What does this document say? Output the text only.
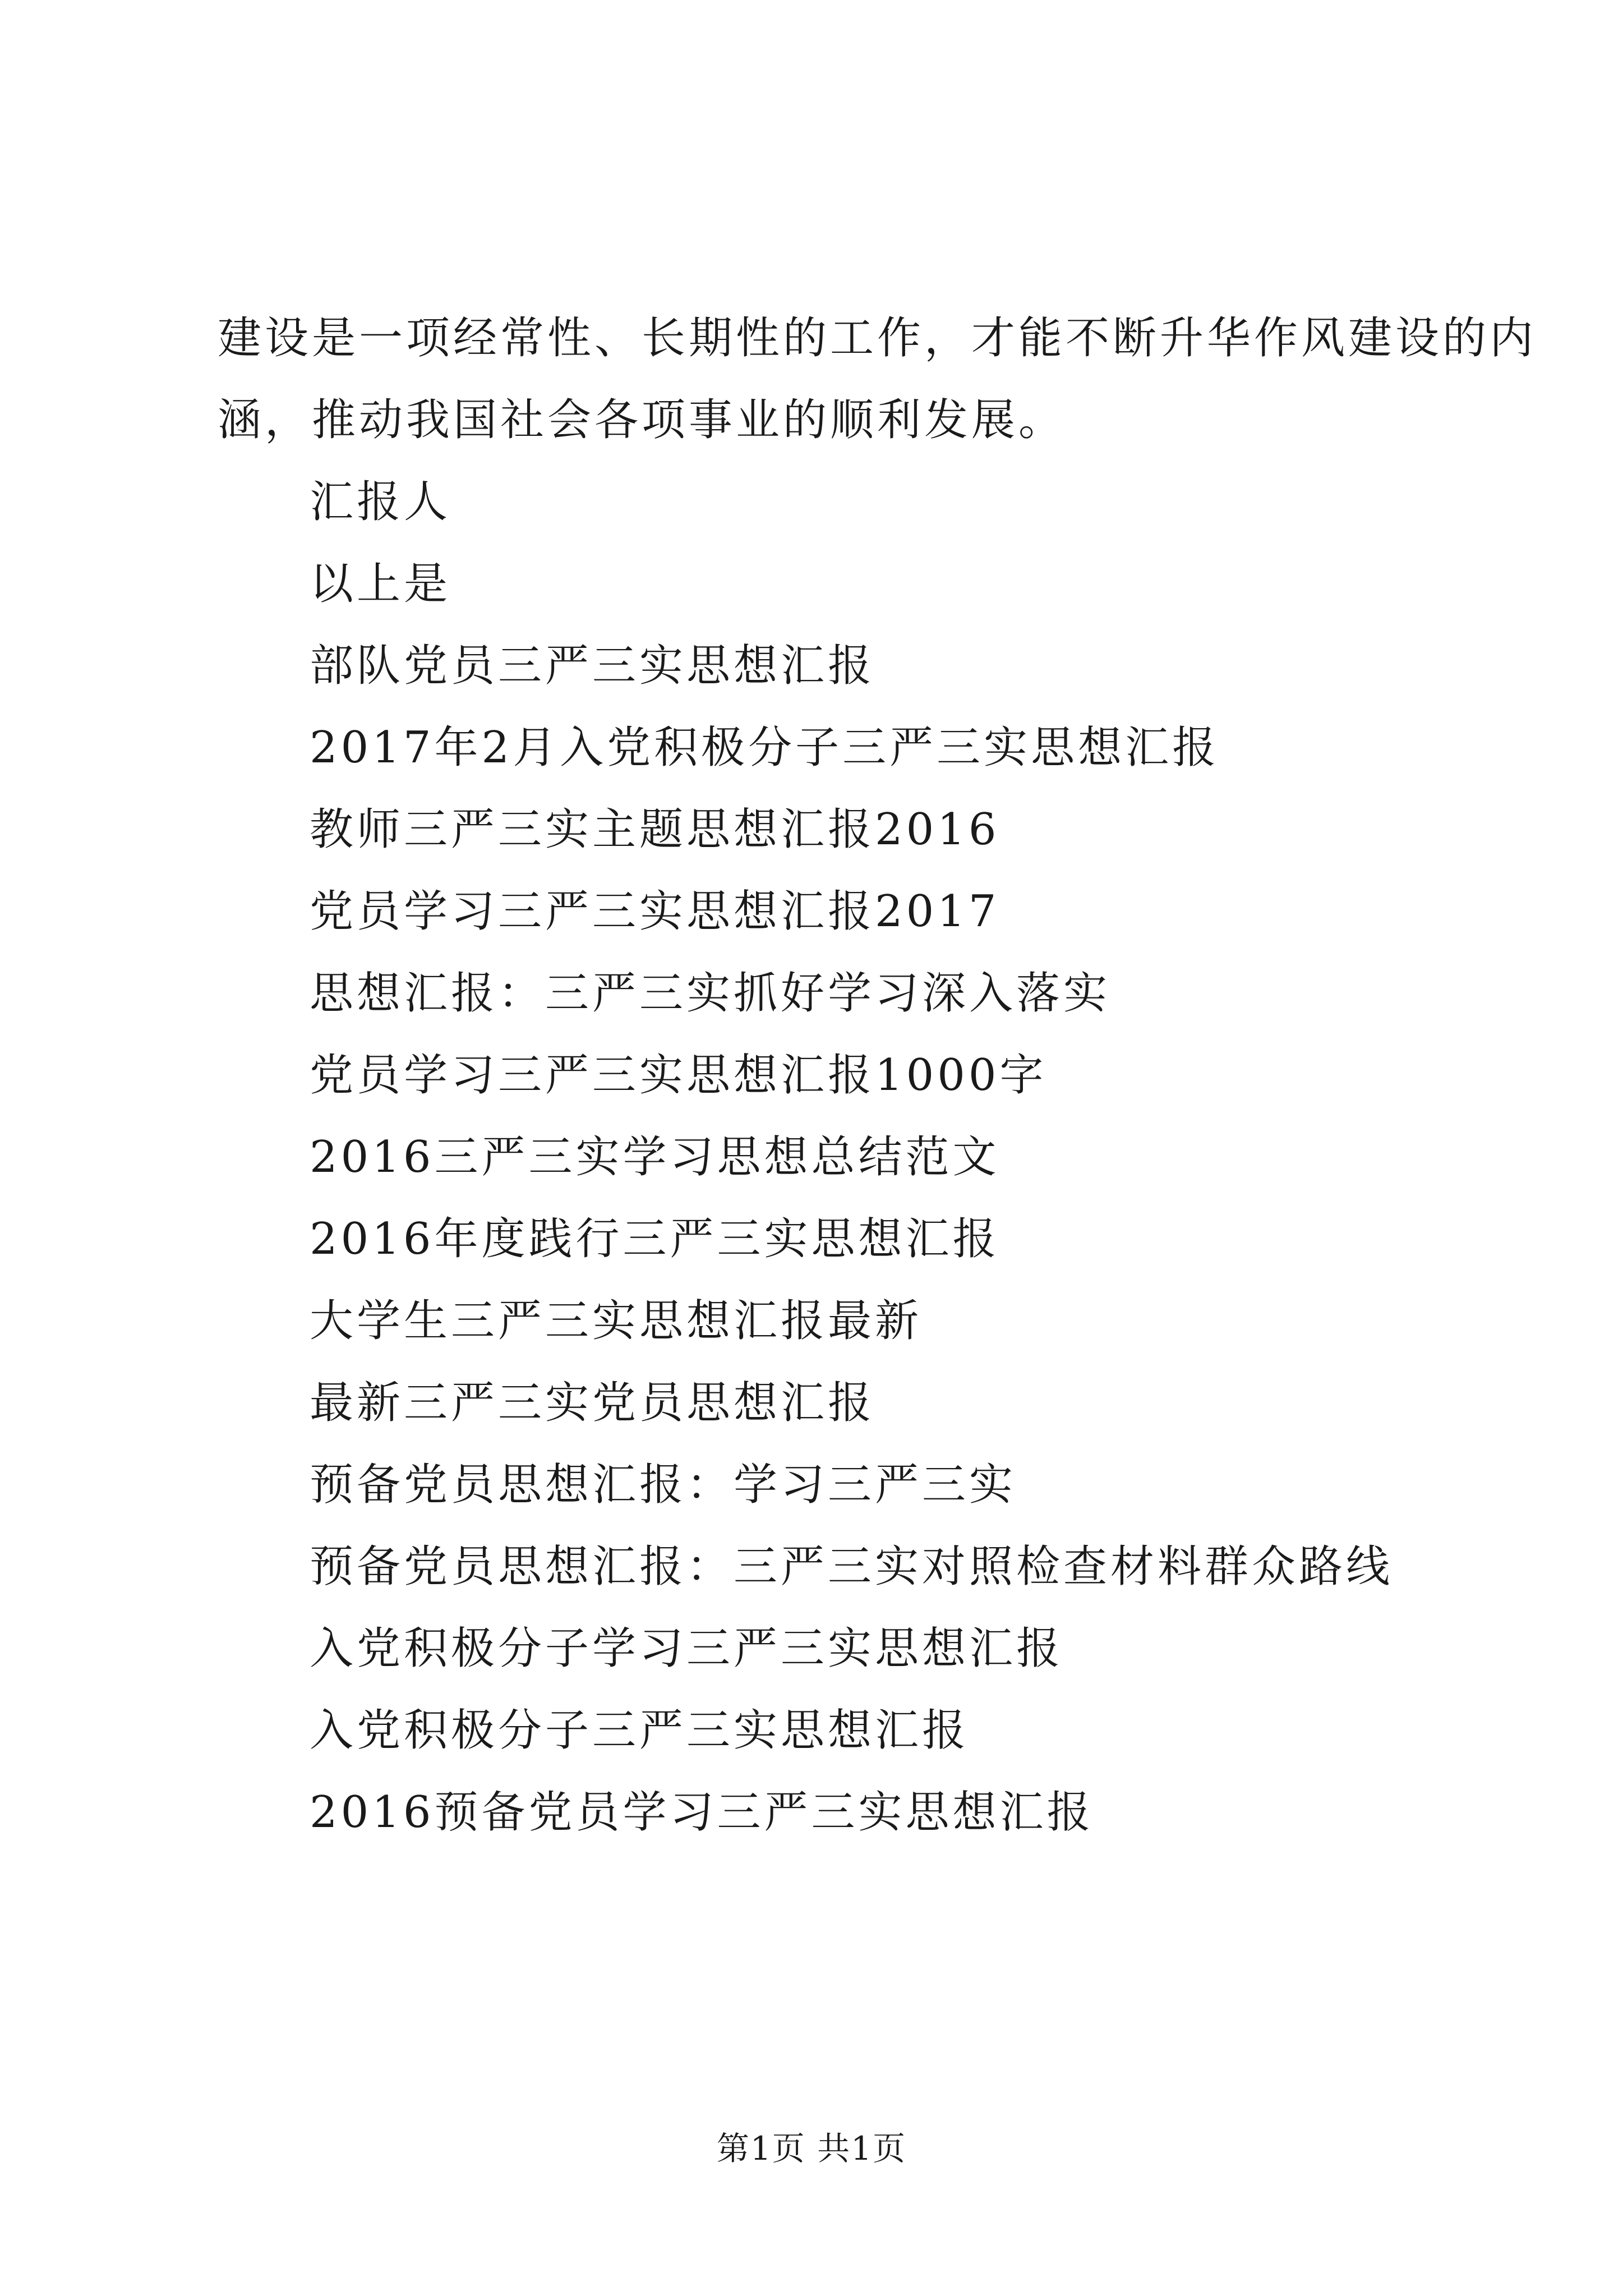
建设是一项经常性、长期性的工作，才能不断升华作风建设的内

涵，推动我国社会各项事业的顺利发展。

汇报人
以上是
部队党员三严三实思想汇报
2017年2月入党积极分子三严三实思想汇报
教师三严三实主题思想汇报2016
党员学习三严三实思想汇报2017
思想汇报：三严三实抓好学习深入落实
党员学习三严三实思想汇报1000字
2016三严三实学习思想总结范文
2016年度践行三严三实思想汇报
大学生三严三实思想汇报最新
最新三严三实党员思想汇报
预备党员思想汇报：学习三严三实
预备党员思想汇报：三严三实对照检查材料群众路线
入党积极分子学习三严三实思想汇报
入党积极分子三严三实思想汇报
2016预备党员学习三严三实思想汇报
第1页 共1页
